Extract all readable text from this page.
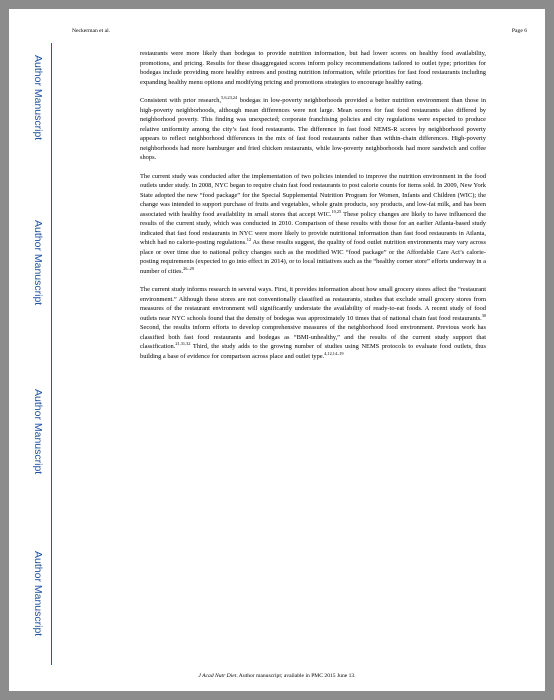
Neckerman et al.	Page 6
Author Manuscript
Author Manuscript
Author Manuscript
Author Manuscript

restaurants were more likely than bodegas to provide nutrition information, but had lower scores on healthy food availability, promotions, and pricing. Results for these disaggregated scores inform policy recommendations tailored to outlet type; priorities for bodegas include providing more healthy entrees and posting nutrition information, while priorities for fast food restaurants including expanding healthy menu options and modifying pricing and promotions strategies to encourage healthy eating.

Consistent with prior research,$^{5,6,23,24}$ bodegas in low-poverty neighborhoods provided a better nutrition environment than those in high-poverty neighborhoods, although mean differences were not large. Mean scores for fast food restaurants also differed by neighborhood poverty. This finding was unexpected; corporate franchising policies and city regulations were expected to produce relative uniformity among the city’s fast food restaurants. The difference in fast food NEMS-R scores by neighborhood poverty appears to reflect neighborhood differences in the mix of fast food restaurants rather than within-chain differences. High-poverty neighborhoods had more hamburger and fried chicken restaurants, while low-poverty neighborhoods had more sandwich and coffee shops.

The current study was conducted after the implementation of two policies intended to improve the nutrition environment in the food outlets under study. In 2008, NYC began to require chain fast food restaurants to post calorie counts for items sold. In 2009, New York State adopted the new “food package” for the Special Supplemental Nutrition Program for Women, Infants and Children (WIC); the change was intended to support purchase of fruits and vegetables, whole grain products, soy products, and low-fat milk, and has been associated with healthy food availability in small stores that accept WIC.$^{10,25}$ These policy changes are likely to have influenced the results of the current study, which was conducted in 2010. Comparison of these results with those for an earlier Atlanta-based study indicated that fast food restaurants in NYC were more likely to provide nutritional information than fast food restaurants in Atlanta, which had no calorie-posting regulations.$^{12}$ As these results suggest, the quality of food outlet nutrition environments may vary across place or over time due to national policy changes such as the modified WIC “food package” or the Affordable Care Act’s calorie-posting requirements (expected to go into effect in 2014), or to local initiatives such as the “healthy corner store” efforts underway in a number of cities.$^{26-29}$

The current study informs research in several ways. First, it provides information about how small grocery stores affect the “restaurant environment.” Although these stores are not conventionally classified as restaurants, studies that exclude small grocery stores from measures of the restaurant environment will significantly understate the availability of ready-to-eat foods. A recent study of food outlets near NYC schools found that the density of bodegas was approximately 10 times that of national chain fast food restaurants.$^{30}$ Second, the results inform efforts to develop comprehensive measures of the neighborhood food environment. Previous work has classified both fast food restaurants and bodegas as “BMI-unhealthy,” and the results of the current study support that classification.$^{21,31,32}$ Third, the study adds to the growing number of studies using NEMS protocols to evaluate food outlets, thus building a base of evidence for comparison across place and outlet type.$^{4,12,14-19}$

J Acad Nutr Diet. Author manuscript; available in PMC 2015 June 13.
